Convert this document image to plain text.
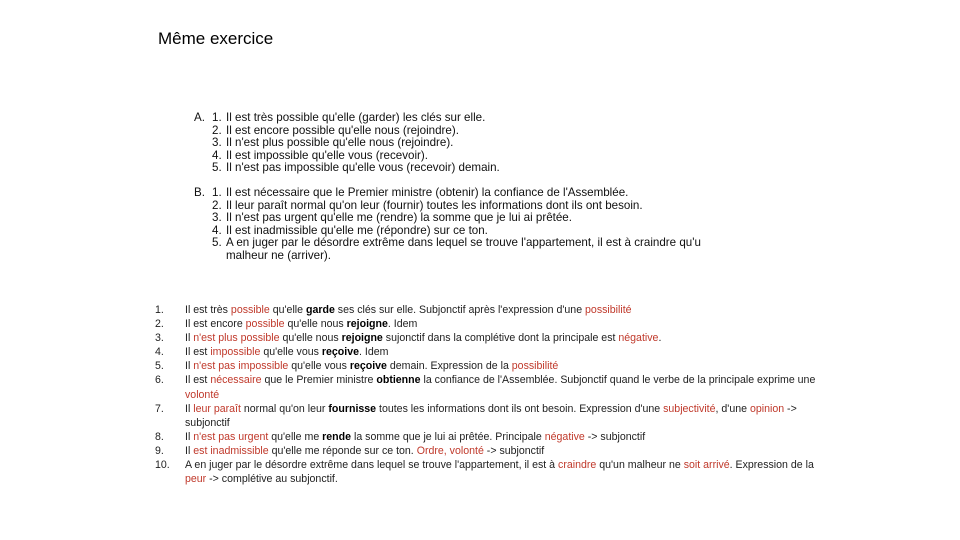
Même exercice
A. 1. Il est très possible qu'elle (garder) les clés sur elle.
2. Il est encore possible qu'elle nous (rejoindre).
3. Il n'est plus possible qu'elle nous (rejoindre).
4. Il est impossible qu'elle vous (recevoir).
5. Il n'est pas impossible qu'elle vous (recevoir) demain.
B. 1. Il est nécessaire que le Premier ministre (obtenir) la confiance de l'Assemblée.
2. Il leur paraît normal qu'on leur (fournir) toutes les informations dont ils ont besoin.
3. Il n'est pas urgent qu'elle me (rendre) la somme que je lui ai prêtée.
4. Il est inadmissible qu'elle me (répondre) sur ce ton.
5. A en juger par le désordre extrême dans lequel se trouve l'appartement, il est à craindre qu'u
malheur ne (arriver).
1.	Il est très possible qu'elle garde ses clés sur elle. Subjonctif après l'expression d'une possibilité
2.	Il est encore possible qu'elle nous rejoigne. Idem
3.	Il n'est plus possible qu'elle nous rejoigne sujonctif dans la complétive dont la principale est négative.
4.	Il est impossible qu'elle vous reçoive. Idem
5.	Il n'est pas impossible qu'elle vous reçoive demain. Expression de la possibilité
6.	Il est nécessaire que le Premier ministre obtienne la confiance de l'Assemblée. Subjonctif quand le verbe de la principale exprime une volonté
7.	Il leur paraît normal qu'on leur fournisse toutes les informations dont ils ont besoin. Expression d'une subjectivité, d'une opinion -> subjonctif
8.	Il n'est pas urgent qu'elle me rende la somme que je lui ai prêtée. Principale négative -> subjonctif
9.	Il est inadmissible qu'elle me réponde sur ce ton. Ordre, volonté -> subjonctif
10.	A en juger par le désordre extrême dans lequel se trouve l'appartement, il est à craindre qu'un malheur ne soit arrivé. Expression de la peur -> complétive au subjonctif.
